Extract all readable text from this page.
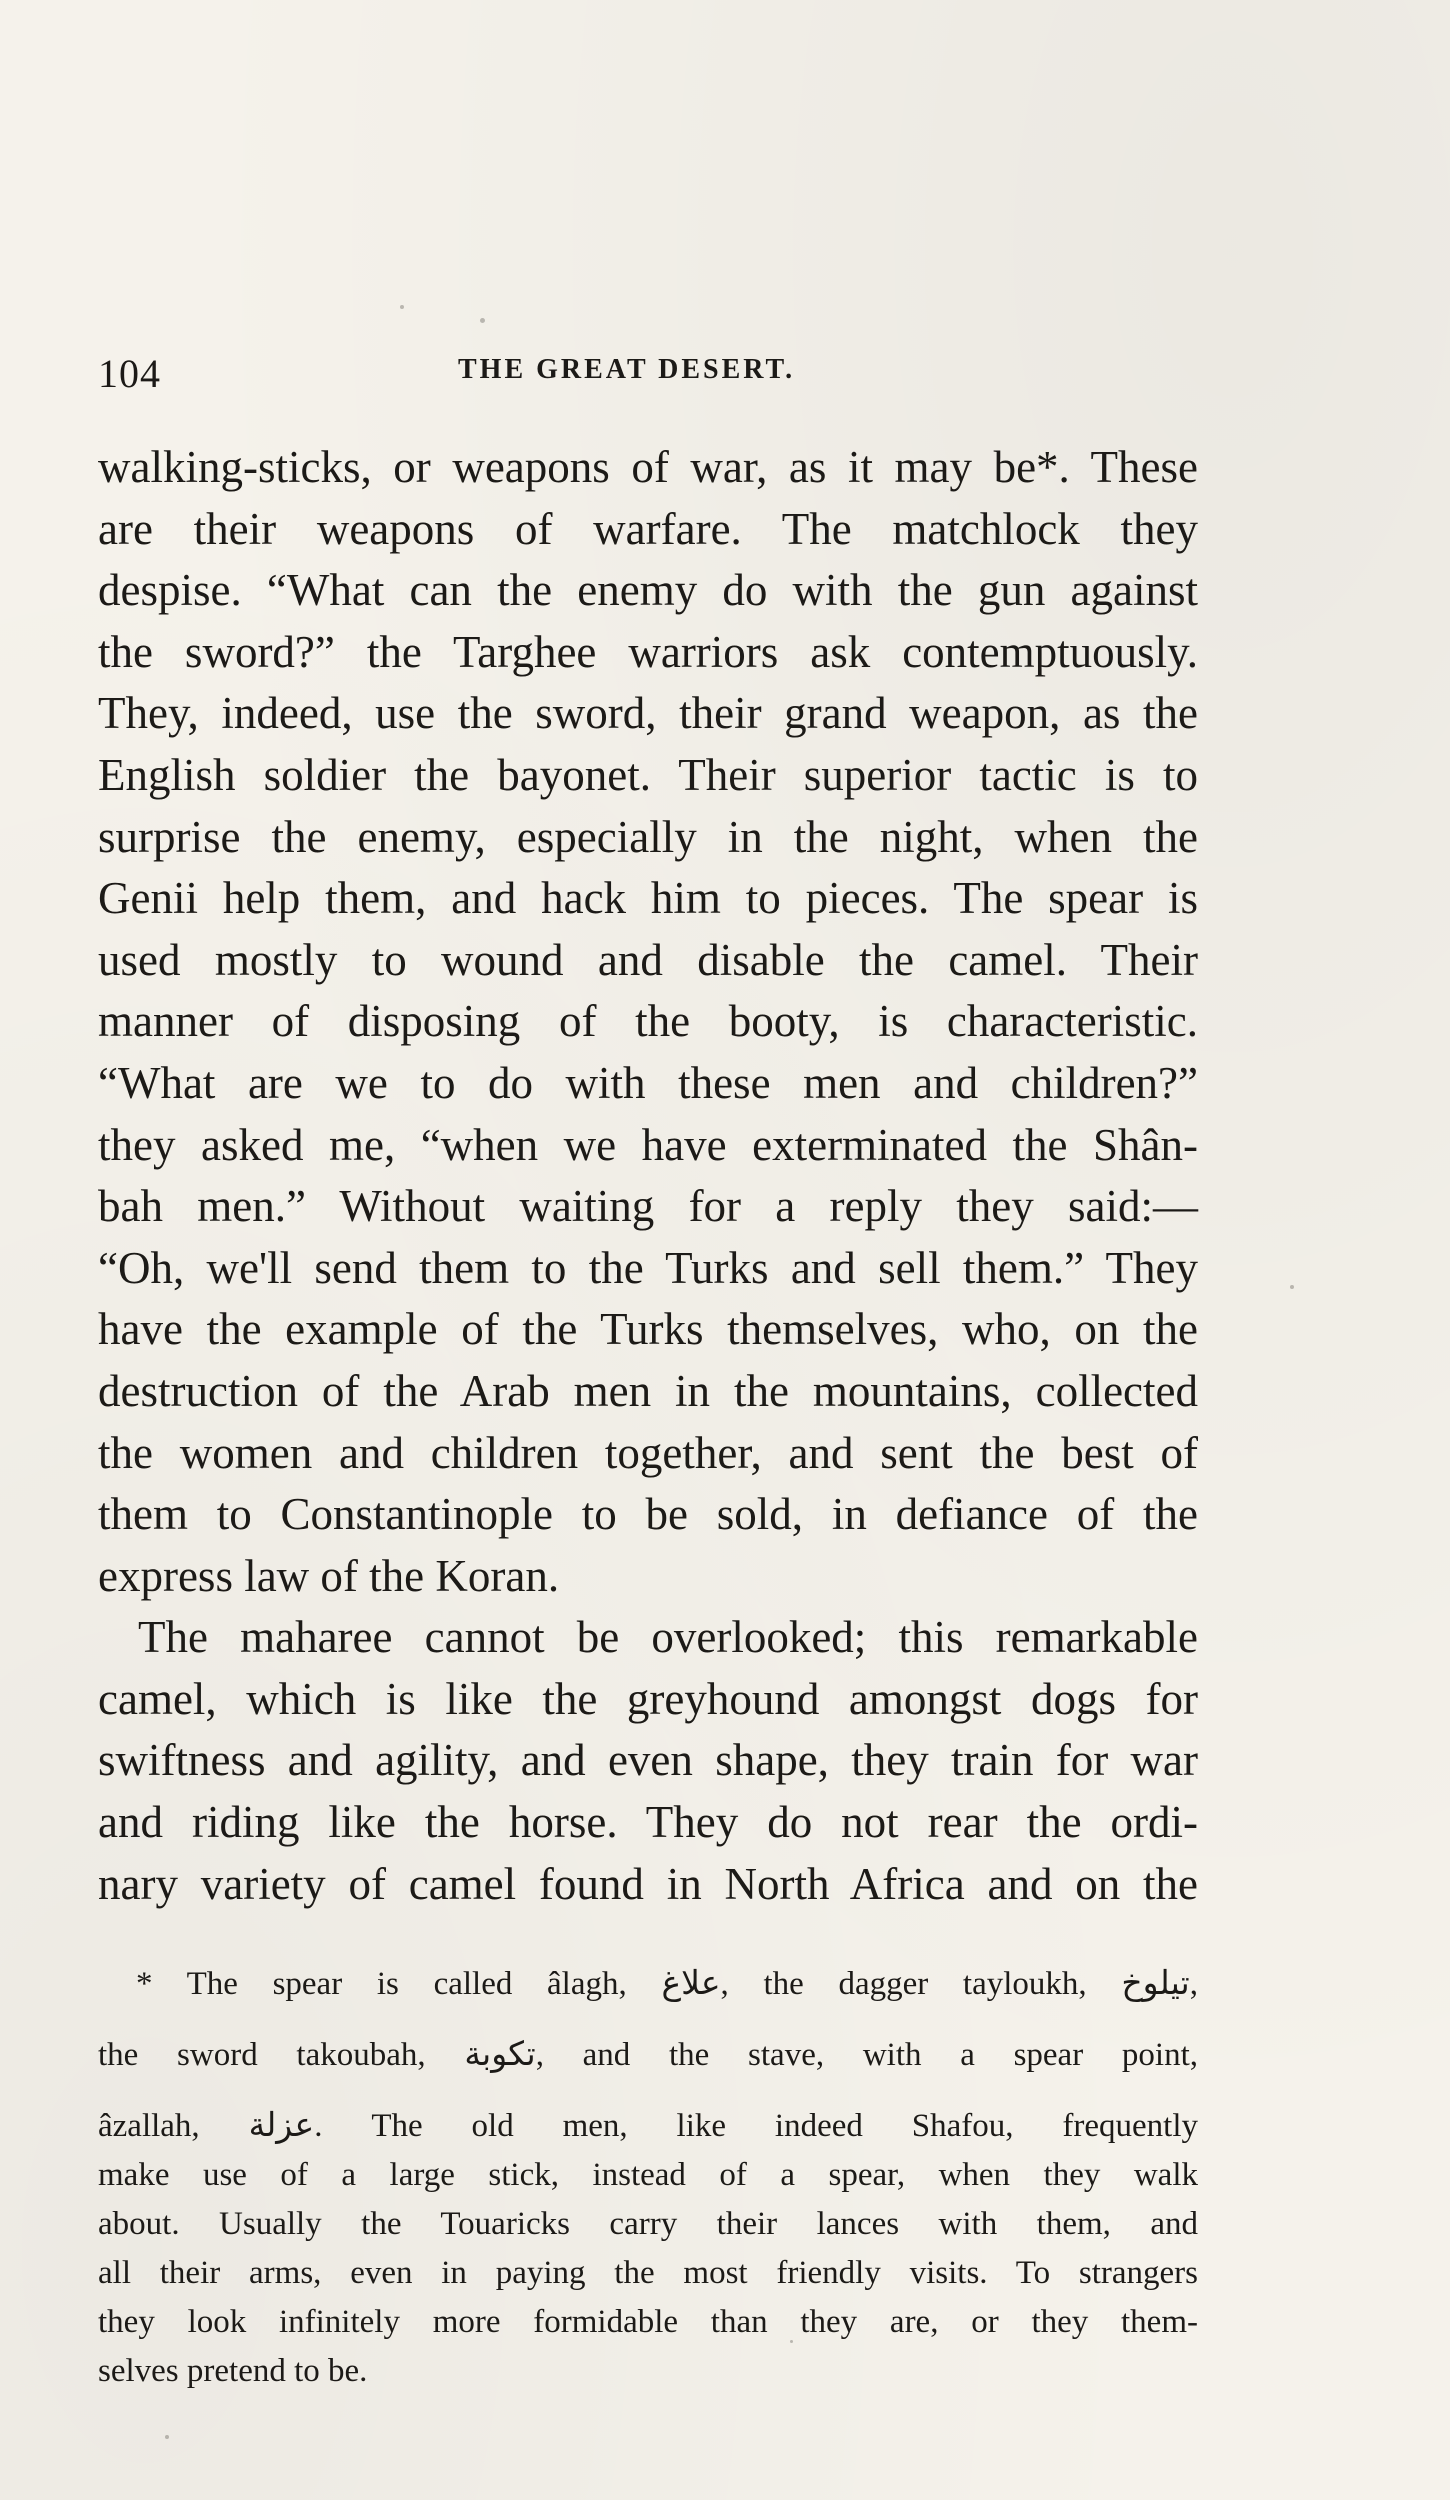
104	THE GREAT DESERT.
walking-sticks, or weapons of war, as it may be*. These
are their weapons of warfare. The matchlock they
despise. “What can the enemy do with the gun against
the sword?” the Targhee warriors ask contemptuously.
They, indeed, use the sword, their grand weapon, as the
English soldier the bayonet. Their superior tactic is to
surprise the enemy, especially in the night, when the
Genii help them, and hack him to pieces. The spear is
used mostly to wound and disable the camel. Their
manner of disposing of the booty, is characteristic.
“What are we to do with these men and children?”
they asked me, “when we have exterminated the Shân-
bah men.” Without waiting for a reply they said:—
“Oh, we'll send them to the Turks and sell them.” They
have the example of the Turks themselves, who, on the
destruction of the Arab men in the mountains, collected
the women and children together, and sent the best of
them to Constantinople to be sold, in defiance of the
express law of the Koran.
The maharee cannot be overlooked; this remarkable
camel, which is like the greyhound amongst dogs for
swiftness and agility, and even shape, they train for war
and riding like the horse. They do not rear the ordi-
nary variety of camel found in North Africa and on the
* The spear is called âlagh, علاغ, the dagger tayloukh, تيلوخ,
the sword takoubah, تكوبة, and the stave, with a spear point,
âzallah, عزلة. The old men, like indeed Shafou, frequently
make use of a large stick, instead of a spear, when they walk
about. Usually the Touaricks carry their lances with them, and
all their arms, even in paying the most friendly visits. To strangers
they look infinitely more formidable than they are, or they them-
selves pretend to be.
